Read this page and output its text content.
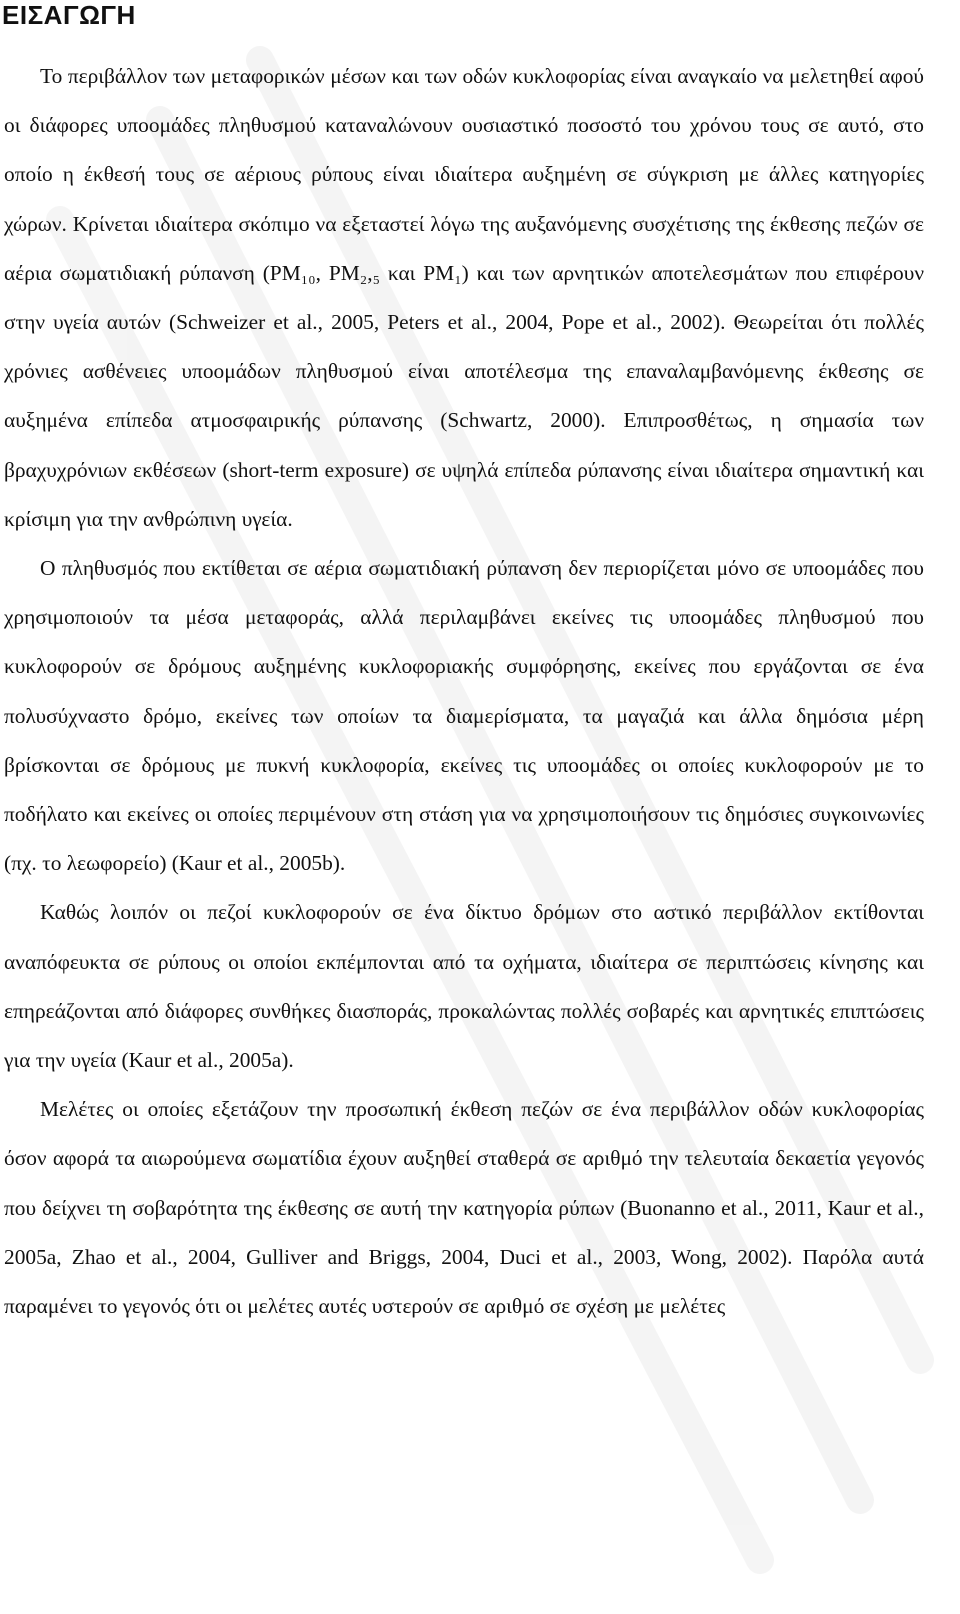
ΕΙΣΑΓΩΓΗ

Το περιβάλλον των μεταφορικών μέσων και των οδών κυκλοφορίας είναι αναγκαίο να μελετηθεί αφού οι διάφορες υποομάδες πληθυσμού καταναλώνουν ουσιαστικό ποσοστό του χρόνου τους σε αυτό, στο οποίο η έκθεσή τους σε αέριους ρύπους είναι ιδιαίτερα αυξημένη σε σύγκριση με άλλες κατηγορίες χώρων. Κρίνεται ιδιαίτερα σκόπιμο να εξεταστεί λόγω της αυξανόμενης συσχέτισης της έκθεσης πεζών σε αέρια σωματιδιακή ρύπανση (PM₁₀, PM₂,₅ και PM₁) και των αρνητικών αποτελεσμάτων που επιφέρουν στην υγεία αυτών (Schweizer et al., 2005, Peters et al., 2004, Pope et al., 2002). Θεωρείται ότι πολλές χρόνιες ασθένειες υποομάδων πληθυσμού είναι αποτέλεσμα της επαναλαμβανόμενης έκθεσης σε αυξημένα επίπεδα ατμοσφαιρικής ρύπανσης (Schwartz, 2000). Επιπροσθέτως, η σημασία των βραχυχρόνιων εκθέσεων (short-term exposure) σε υψηλά επίπεδα ρύπανσης είναι ιδιαίτερα σημαντική και κρίσιμη για την ανθρώπινη υγεία.

Ο πληθυσμός που εκτίθεται σε αέρια σωματιδιακή ρύπανση δεν περιορίζεται μόνο σε υποομάδες που χρησιμοποιούν τα μέσα μεταφοράς, αλλά περιλαμβάνει εκείνες τις υποομάδες πληθυσμού που κυκλοφορούν σε δρόμους αυξημένης κυκλοφοριακής συμφόρησης, εκείνες που εργάζονται σε ένα πολυσύχναστο δρόμο, εκείνες των οποίων τα διαμερίσματα, τα μαγαζιά και άλλα δημόσια μέρη βρίσκονται σε δρόμους με πυκνή κυκλοφορία, εκείνες τις υποομάδες οι οποίες κυκλοφορούν με το ποδήλατο και εκείνες οι οποίες περιμένουν στη στάση για να χρησιμοποιήσουν τις δημόσιες συγκοινωνίες (πχ. το λεωφορείο) (Kaur et al., 2005b).

Καθώς λοιπόν οι πεζοί κυκλοφορούν σε ένα δίκτυο δρόμων στο αστικό περιβάλλον εκτίθονται αναπόφευκτα σε ρύπους οι οποίοι εκπέμπονται από τα οχήματα, ιδιαίτερα σε περιπτώσεις κίνησης και επηρεάζονται από διάφορες συνθήκες διασποράς, προκαλώντας πολλές σοβαρές και αρνητικές επιπτώσεις για την υγεία (Kaur et al., 2005a).

Μελέτες οι οποίες εξετάζουν την προσωπική έκθεση πεζών σε ένα περιβάλλον οδών κυκλοφορίας όσον αφορά τα αιωρούμενα σωματίδια έχουν αυξηθεί σταθερά σε αριθμό την τελευταία δεκαετία γεγονός που δείχνει τη σοβαρότητα της έκθεσης σε αυτή την κατηγορία ρύπων (Buonanno et al., 2011, Kaur et al., 2005a, Zhao et al., 2004, Gulliver and Briggs, 2004, Duci et al., 2003, Wong, 2002). Παρόλα αυτά παραμένει το γεγονός ότι οι μελέτες αυτές υστερούν σε αριθμό σε σχέση με μελέτες
